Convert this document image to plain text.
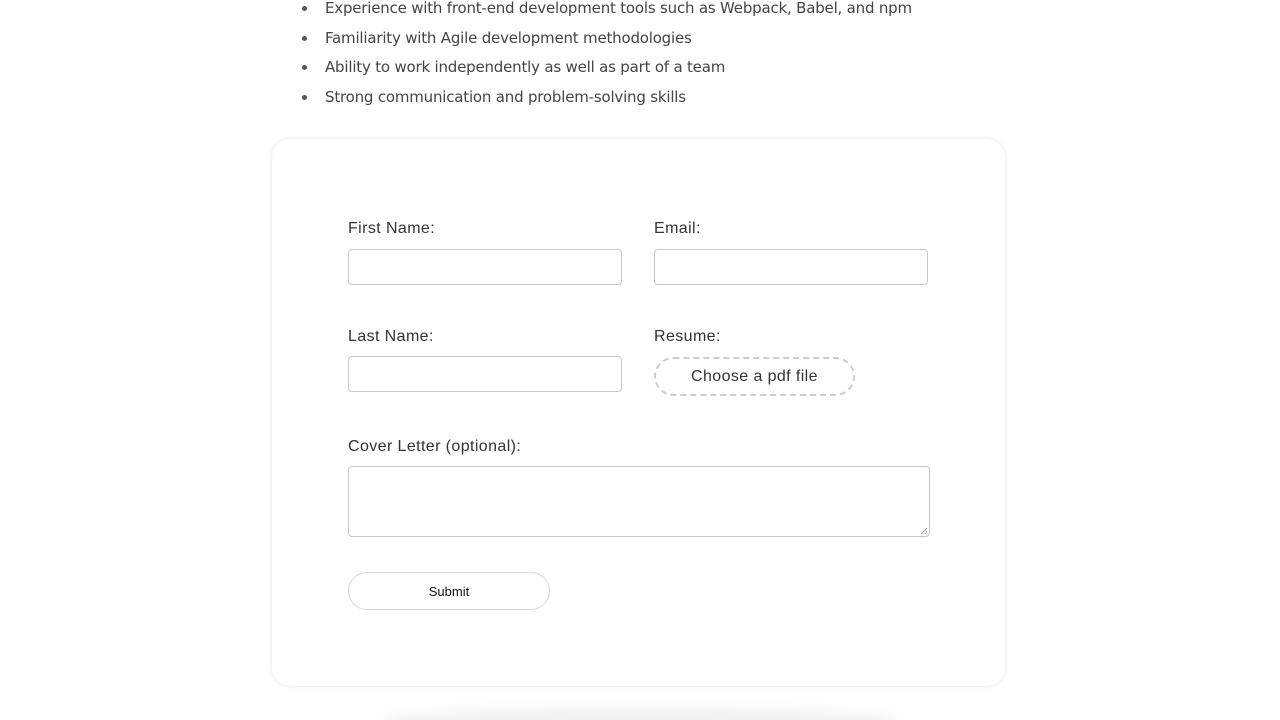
Experience with front-end development tools such as Webpack, Babel, and npm
Familiarity with Agile development methodologies
Ability to work independently as well as part of a team
Strong communication and problem-solving skills
First Name:	Email:
Last Name:	Resume:
Choose a pdf file
Cover Letter (optional):
Submit
